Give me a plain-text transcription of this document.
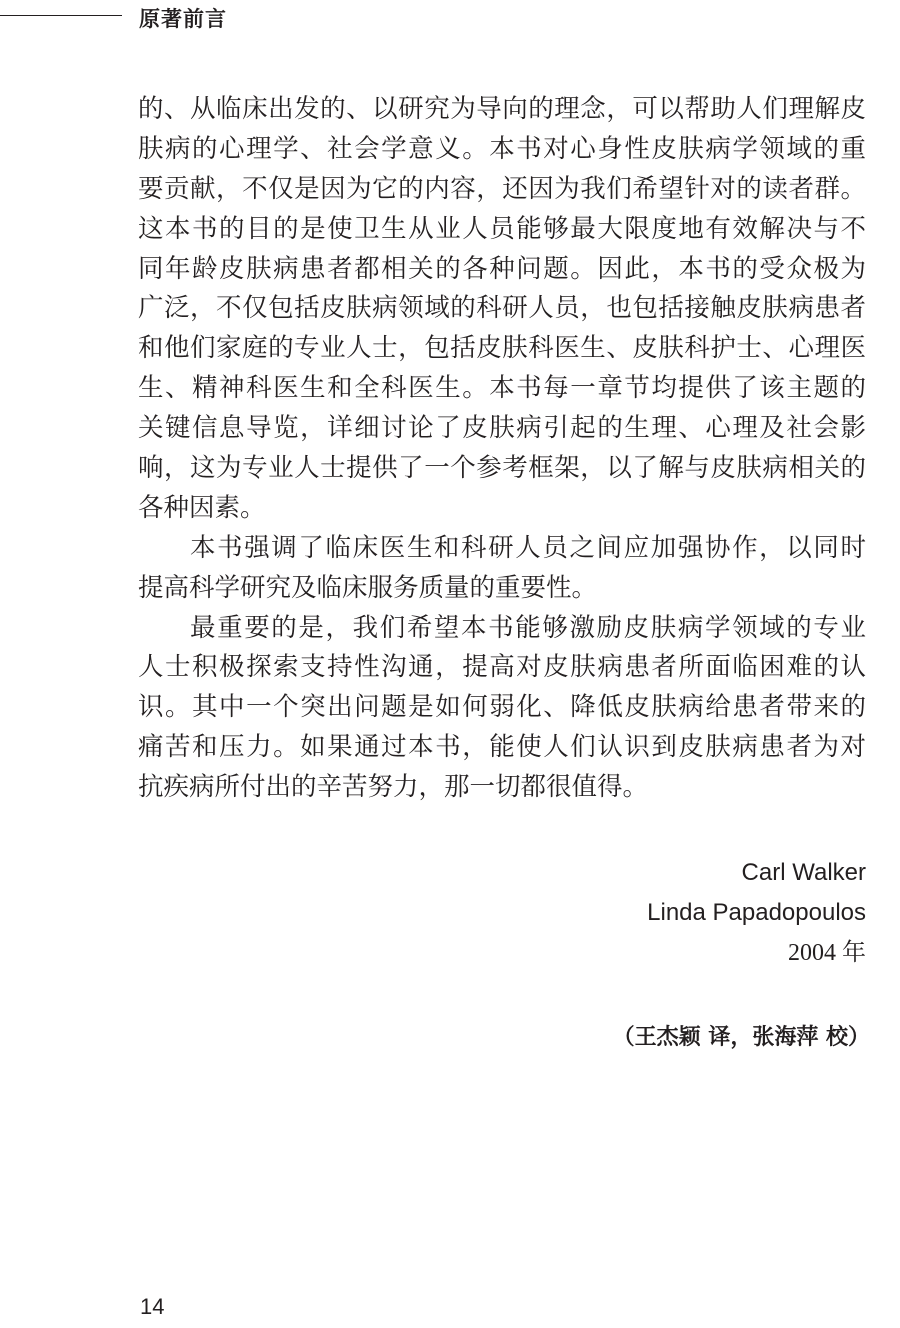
原著前言
的、从临床出发的、以研究为导向的理念，可以帮助人们理解皮
肤病的心理学、社会学意义。本书对心身性皮肤病学领域的重
要贡献，不仅是因为它的内容，还因为我们希望针对的读者群。
这本书的目的是使卫生从业人员能够最大限度地有效解决与不
同年龄皮肤病患者都相关的各种问题。因此，本书的受众极为
广泛，不仅包括皮肤病领域的科研人员，也包括接触皮肤病患者
和他们家庭的专业人士，包括皮肤科医生、皮肤科护士、心理医
生、精神科医生和全科医生。本书每一章节均提供了该主题的
关键信息导览，详细讨论了皮肤病引起的生理、心理及社会影
响，这为专业人士提供了一个参考框架，以了解与皮肤病相关的
各种因素。
本书强调了临床医生和科研人员之间应加强协作，以同时
提高科学研究及临床服务质量的重要性。
最重要的是，我们希望本书能够激励皮肤病学领域的专业
人士积极探索支持性沟通，提高对皮肤病患者所面临困难的认
识。其中一个突出问题是如何弱化、降低皮肤病给患者带来的
痛苦和压力。如果通过本书，能使人们认识到皮肤病患者为对
抗疾病所付出的辛苦努力，那一切都很值得。
Carl Walker
Linda Papadopoulos
2004 年
（王杰颖 译，张海萍 校）
14
